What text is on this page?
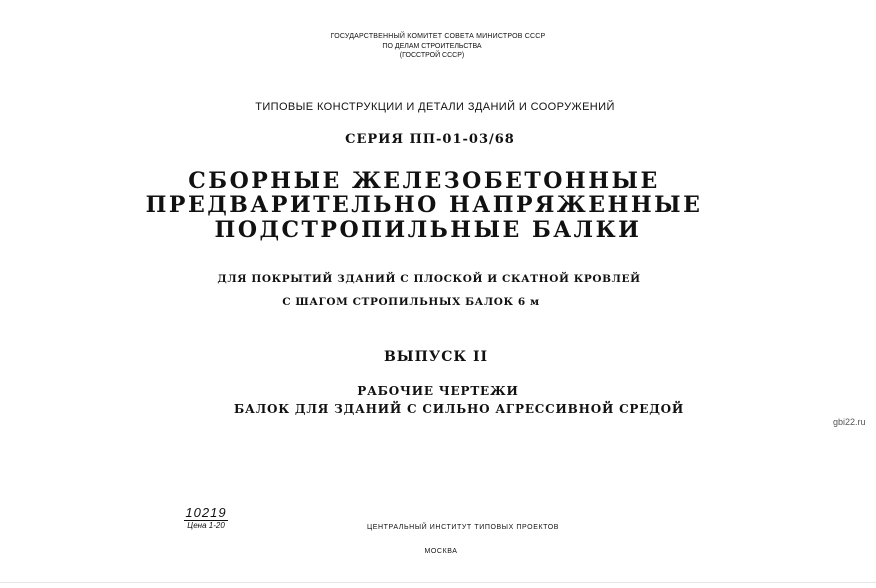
ГОСУДАРСТВЕННЫЙ КОМИТЕТ СОВЕТА МИНИСТРОВ СССР
ПО ДЕЛАМ СТРОИТЕЛЬСТВА
(ГОССТРОЙ СССР)
ТИПОВЫЕ КОНСТРУКЦИИ И ДЕТАЛИ ЗДАНИЙ И СООРУЖЕНИЙ
СЕРИЯ ПП-01-03/68
СБОРНЫЕ ЖЕЛЕЗОБЕТОННЫЕ
ПРЕДВАРИТЕЛЬНО НАПРЯЖЕННЫЕ
ПОДСТРОПИЛЬНЫЕ БАЛКИ
ДЛЯ ПОКРЫТИЙ ЗДАНИЙ С ПЛОСКОЙ И СКАТНОЙ КРОВЛЕЙ
С ШАГОМ СТРОПИЛЬНЫХ БАЛОК 6 м
ВЫПУСК II
РАБОЧИЕ ЧЕРТЕЖИ
БАЛОК ДЛЯ ЗДАНИЙ С СИЛЬНО АГРЕССИВНОЙ СРЕДОЙ
gbi22.ru
10219
Цена 1-20	ЦЕНТРАЛЬНЫЙ ИНСТИТУТ ТИПОВЫХ ПРОЕКТОВ
МОСКВА
